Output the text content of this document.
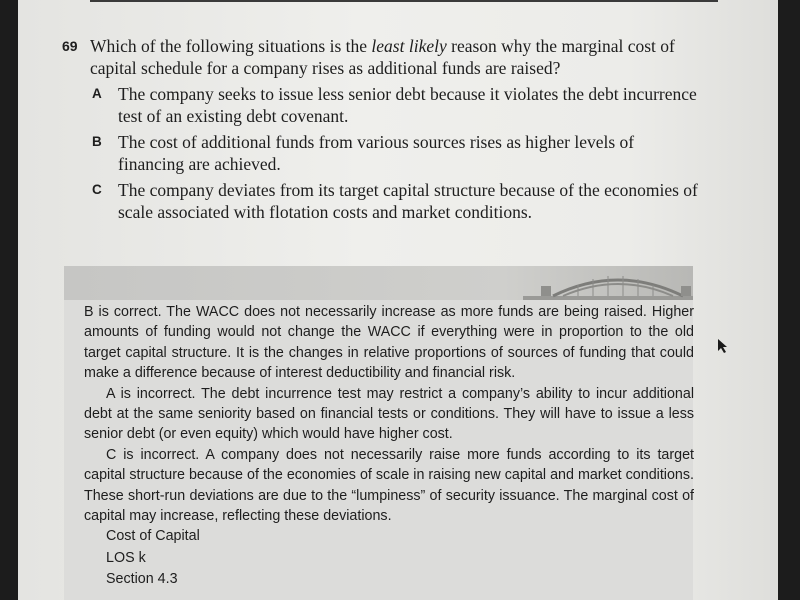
69 Which of the following situations is the least likely reason why the marginal cost of capital schedule for a company rises as additional funds are raised?
A The company seeks to issue less senior debt because it violates the debt incurrence test of an existing debt covenant.
B The cost of additional funds from various sources rises as higher levels of financing are achieved.
C The company deviates from its target capital structure because of the economies of scale associated with flotation costs and market conditions.

B is correct. The WACC does not necessarily increase as more funds are being raised. Higher amounts of funding would not change the WACC if everything were in proportion to the old target capital structure. It is the changes in relative proportions of sources of funding that could make a difference because of interest deductibility and financial risk.

A is incorrect. The debt incurrence test may restrict a company’s ability to incur additional debt at the same seniority based on financial tests or conditions. They will have to issue a less senior debt (or even equity) which would have higher cost.

C is incorrect. A company does not necessarily raise more funds according to its target capital structure because of the economies of scale in raising new capital and market conditions. These short-run deviations are due to the “lumpiness” of security issuance. The marginal cost of capital may increase, reflecting these deviations.

Cost of Capital
LOS k
Section 4.3
